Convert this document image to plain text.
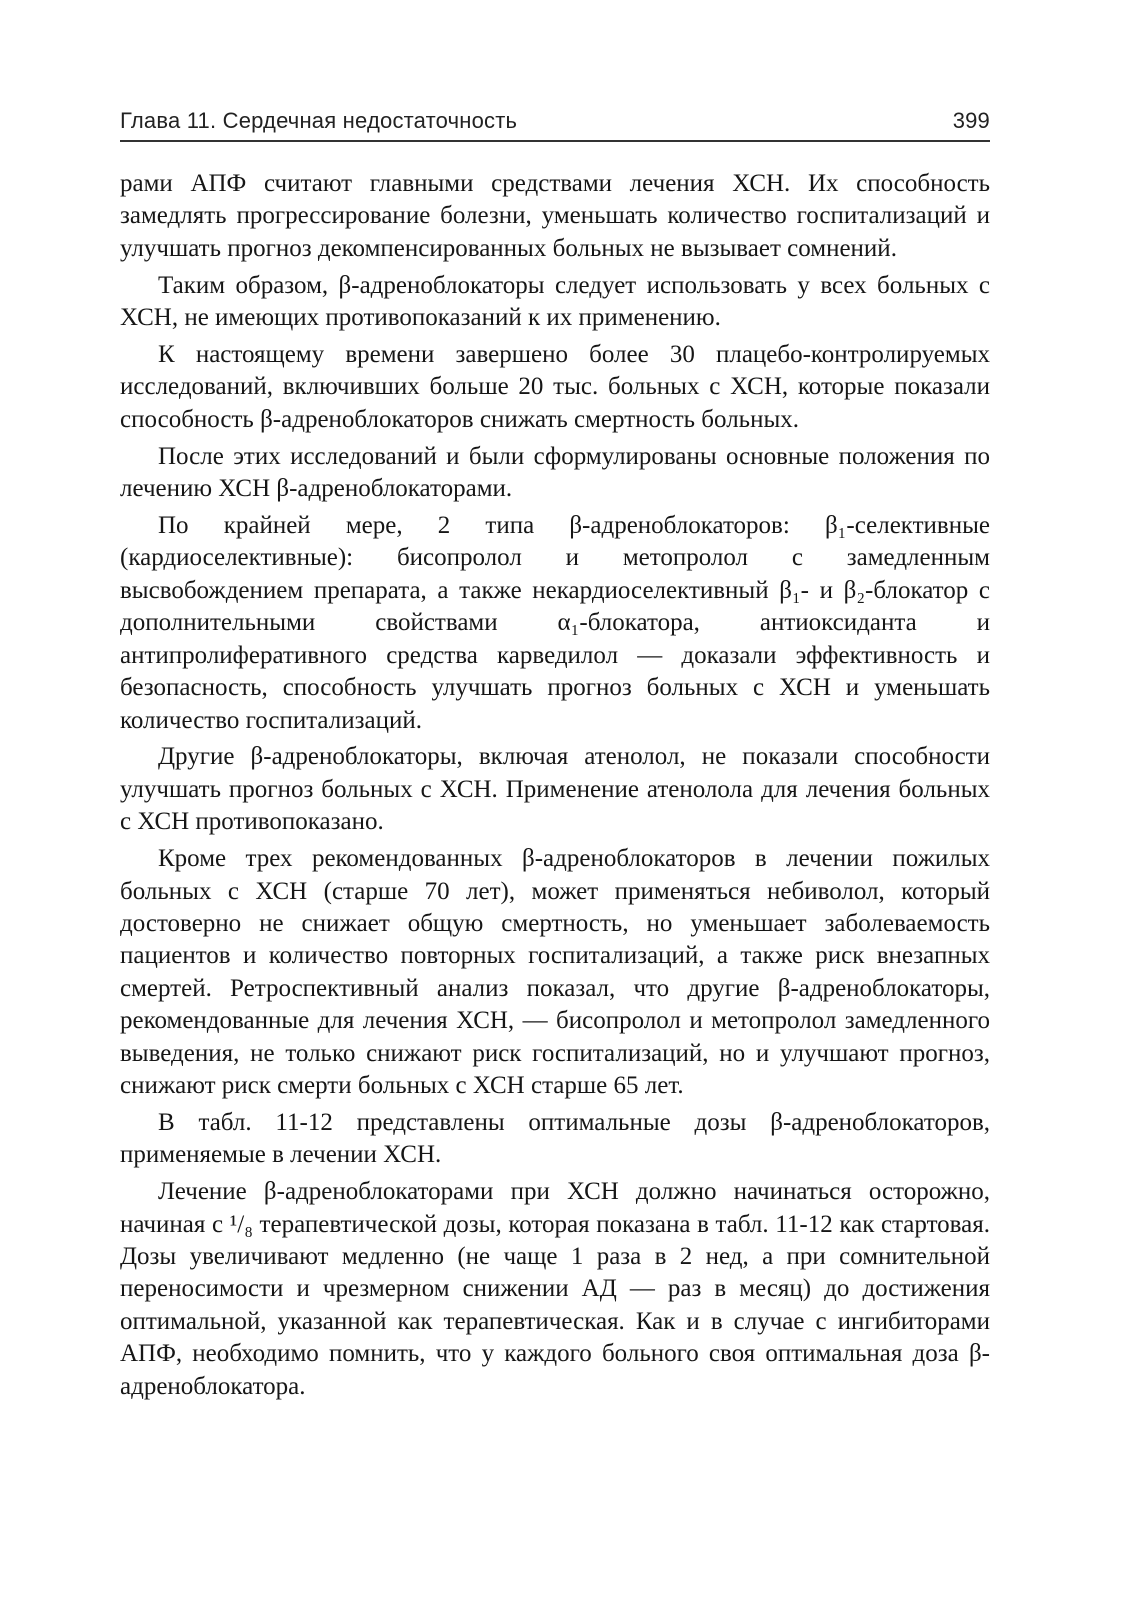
Глава 11. Сердечная недостаточность	399

рами АПФ считают главными средствами лечения ХСН. Их способность замедлять прогрессирование болезни, уменьшать количество госпитализаций и улучшать прогноз декомпенсированных больных не вызывает сомнений.

Таким образом, β-адреноблокаторы следует использовать у всех больных с ХСН, не имеющих противопоказаний к их применению.

К настоящему времени завершено более 30 плацебо-контролируемых исследований, включивших больше 20 тыс. больных с ХСН, которые показали способность β-адреноблокаторов снижать смертность больных.

После этих исследований и были сформулированы основные положения по лечению ХСН β-адреноблокаторами.

По крайней мере, 2 типа β-адреноблокаторов: β₁-селективные (кардиоселективные): бисопролол и метопролол с замедленным высвобождением препарата, а также некардиоселективный β₁- и β₂-блокатор с дополнительными свойствами α₁-блокатора, антиоксиданта и антипролиферативного средства карведилол — доказали эффективность и безопасность, способность улучшать прогноз больных с ХСН и уменьшать количество госпитализаций.

Другие β-адреноблокаторы, включая атенолол, не показали способности улучшать прогноз больных с ХСН. Применение атенолола для лечения больных с ХСН противопоказано.

Кроме трех рекомендованных β-адреноблокаторов в лечении пожилых больных с ХСН (старше 70 лет), может применяться небиволол, который достоверно не снижает общую смертность, но уменьшает заболеваемость пациентов и количество повторных госпитализаций, а также риск внезапных смертей. Ретроспективный анализ показал, что другие β-адреноблокаторы, рекомендованные для лечения ХСН, — бисопролол и метопролол замедленного выведения, не только снижают риск госпитализаций, но и улучшают прогноз, снижают риск смерти больных с ХСН старше 65 лет.

В табл. 11-12 представлены оптимальные дозы β-адреноблокаторов, применяемые в лечении ХСН.

Лечение β-адреноблокаторами при ХСН должно начинаться осторожно, начиная с ¹/₈ терапевтической дозы, которая показана в табл. 11-12 как стартовая. Дозы увеличивают медленно (не чаще 1 раза в 2 нед, а при сомнительной переносимости и чрезмерном снижении АД — раз в месяц) до достижения оптимальной, указанной как терапевтическая. Как и в случае с ингибиторами АПФ, необходимо помнить, что у каждого больного своя оптимальная доза β-адреноблокатора.
